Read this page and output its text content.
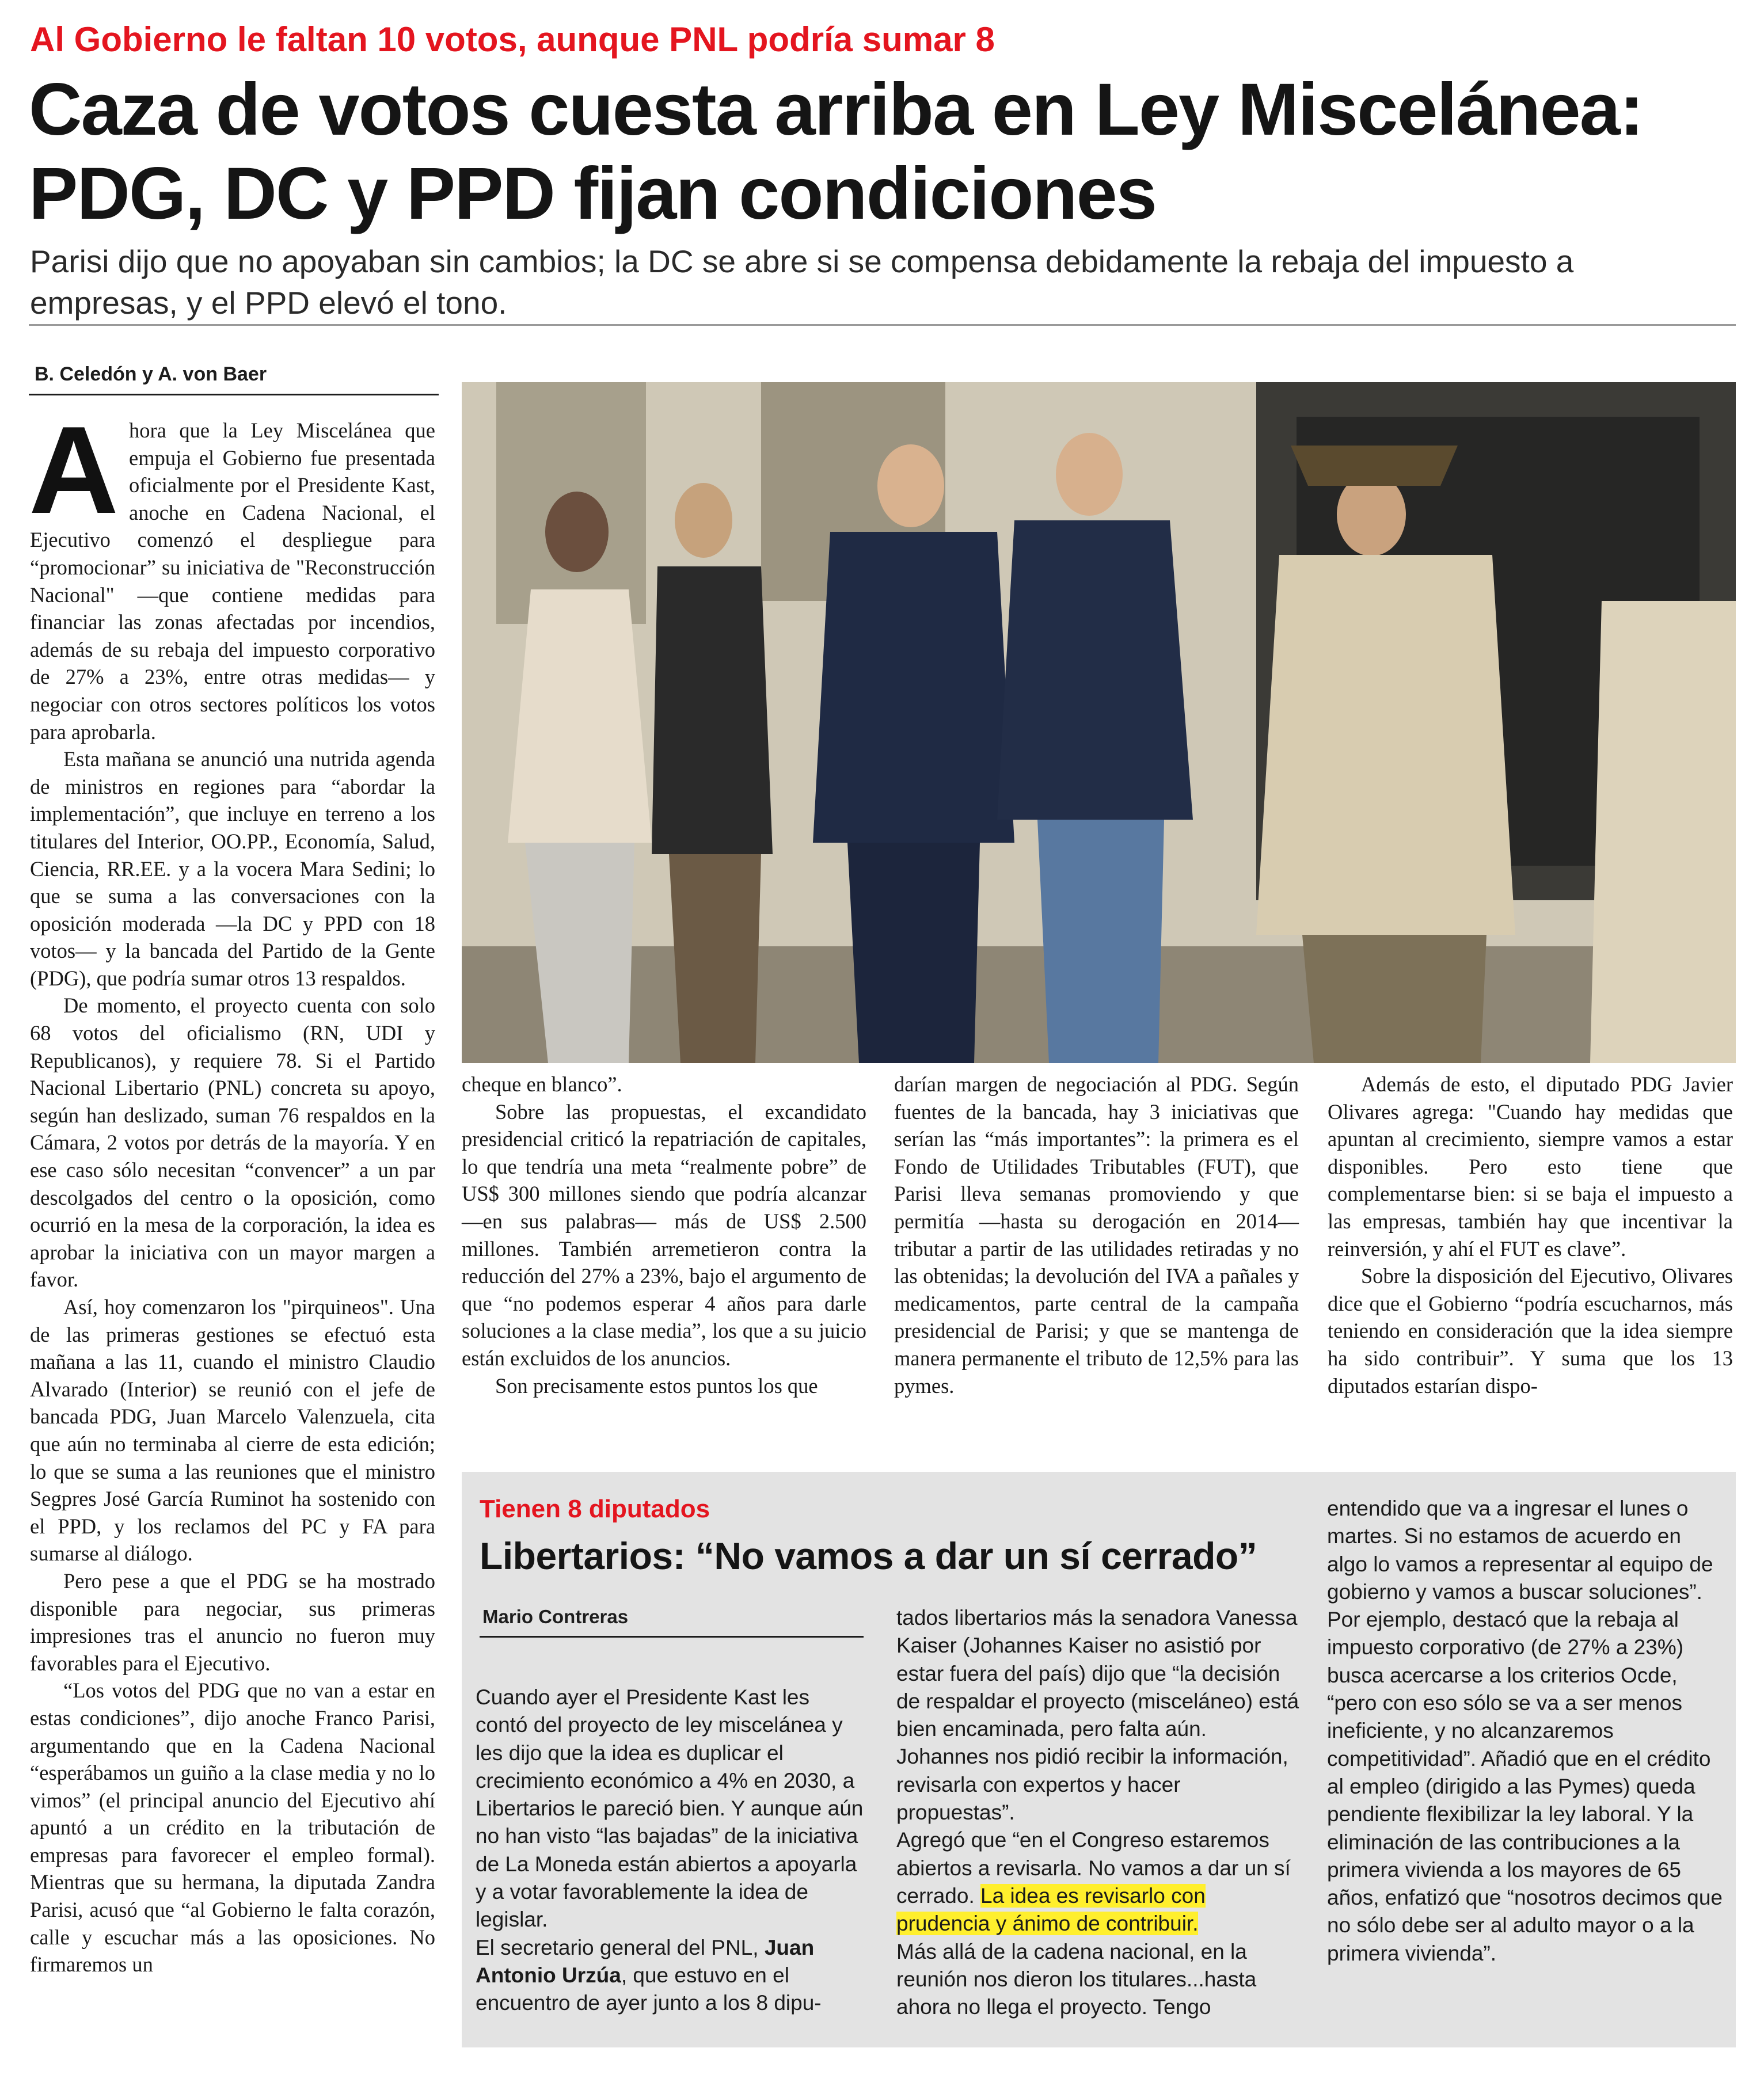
Al Gobierno le faltan 10 votos, aunque PNL podría sumar 8
Caza de votos cuesta arriba en Ley Miscelánea: PDG, DC y PPD fijan condiciones
Parisi dijo que no apoyaban sin cambios; la DC se abre si se compensa debidamente la rebaja del impuesto a empresas, y el PPD elevó el tono.
B. Celedón y A. von Baer

Ahora que la Ley Miscelánea que empuja el Gobierno fue presentada oficialmente por el Presidente Kast, anoche en Cadena Nacional, el Ejecutivo comenzó el despliegue para “promocionar” su iniciativa de "Reconstrucción Nacional" —que contiene medidas para financiar las zonas afectadas por incendios, además de su rebaja del impuesto corporativo de 27% a 23%, entre otras medidas— y negociar con otros sectores políticos los votos para aprobarla.

Esta mañana se anunció una nutrida agenda de ministros en regiones para “abordar la implementación”, que incluye en terreno a los titulares del Interior, OO.PP., Economía, Salud, Ciencia, RR.EE. y a la vocera Mara Sedini; lo que se suma a las conversaciones con la oposición moderada —la DC y PPD con 18 votos— y la bancada del Partido de la Gente (PDG), que podría sumar otros 13 respaldos.

De momento, el proyecto cuenta con solo 68 votos del oficialismo (RN, UDI y Republicanos), y requiere 78. Si el Partido Nacional Libertario (PNL) concreta su apoyo, según han deslizado, suman 76 respaldos en la Cámara, 2 votos por detrás de la mayoría. Y en ese caso sólo necesitan “convencer” a un par descolgados del centro o la oposición, como ocurrió en la mesa de la corporación, la idea es aprobar la iniciativa con un mayor margen a favor.

Así, hoy comenzaron los "pirquineos". Una de las primeras gestiones se efectuó esta mañana a las 11, cuando el ministro Claudio Alvarado (Interior) se reunió con el jefe de bancada PDG, Juan Marcelo Valenzuela, cita que aún no terminaba al cierre de esta edición; lo que se suma a las reuniones que el ministro Segpres José García Ruminot ha sostenido con el PPD, y los reclamos del PC y FA para sumarse al diálogo.

Pero pese a que el PDG se ha mostrado disponible para negociar, sus primeras impresiones tras el anuncio no fueron muy favorables para el Ejecutivo.

“Los votos del PDG que no van a estar en estas condiciones”, dijo anoche Franco Parisi, argumentando que en la Cadena Nacional “esperábamos un guiño a la clase media y no lo vimos” (el principal anuncio del Ejecutivo ahí apuntó a un crédito en la tributación de empresas para favorecer el empleo formal). Mientras que su hermana, la diputada Zandra Parisi, acusó que “al Gobierno le falta corazón, calle y escuchar más a las oposiciones. No firmaremos un

cheque en blanco”.

Sobre las propuestas, el excandidato presidencial criticó la repatriación de capitales, lo que tendría una meta “realmente pobre” de US$ 300 millones siendo que podría alcanzar —en sus palabras— más de US$ 2.500 millones. También arremetieron contra la reducción del 27% a 23%, bajo el argumento de que “no podemos esperar 4 años para darle soluciones a la clase media”, los que a su juicio están excluidos de los anuncios.

Son precisamente estos puntos los que

darían margen de negociación al PDG. Según fuentes de la bancada, hay 3 iniciativas que serían las “más importantes”: la primera es el Fondo de Utilidades Tributables (FUT), que Parisi lleva semanas promoviendo y que permitía —hasta su derogación en 2014— tributar a partir de las utilidades retiradas y no las obtenidas; la devolución del IVA a pañales y medicamentos, parte central de la campaña presidencial de Parisi; y que se mantenga de manera permanente el tributo de 12,5% para las pymes.

Además de esto, el diputado PDG Javier Olivares agrega: "Cuando hay medidas que apuntan al crecimiento, siempre vamos a estar disponibles. Pero esto tiene que complementarse bien: si se baja el impuesto a las empresas, también hay que incentivar la reinversión, y ahí el FUT es clave”.

Sobre la disposición del Ejecutivo, Olivares dice que el Gobierno “podría escucharnos, más teniendo en consideración que la idea siempre ha sido contribuir”. Y suma que los 13 diputados estarían dispo-

Tienen 8 diputados
Libertarios: “No vamos a dar un sí cerrado”
Mario Contreras

Cuando ayer el Presidente Kast les contó del proyecto de ley misceláneа y les dijo que la idea es duplicar el crecimiento económico a 4% en 2030, a Libertarios le pareció bien. Y aunque aún no han visto “las bajadas” de la iniciativa de La Moneda están abiertos a apoyarla y a votar favorablemente la idea de legislar.

El secretario general del PNL, Juan Antonio Urzúa, que estuvo en el encuentro de ayer junto a los 8 dipu-

tados libertarios más la senadora Vanessa Kaiser (Johannes Kaiser no asistió por estar fuera del país) dijo que “la decisión de respaldar el proyecto (misceláneo) está bien encaminada, pero falta aún. Johannes nos pidió recibir la información, revisarla con expertos y hacer propuestas”.

Agregó que “en el Congreso estaremos abiertos a revisarla. No vamos a dar un sí cerrado. La idea es revisarlo con prudencia y ánimo de contribuir.

Más allá de la cadena nacional, en la reunión nos dieron los titulares...hasta ahora no llega el proyecto. Tengo

entendido que va a ingresar el lunes o martes. Si no estamos de acuerdo en algo lo vamos a representar al equipo de gobierno y vamos a buscar soluciones”.

Por ejemplo, destacó que la rebaja al impuesto corporativo (de 27% a 23%) busca acercarse a los criterios Ocde, “pero con eso sólo se va a ser menos ineficiente, y no alcanzaremos competitividad”. Añadió que en el crédito al empleo (dirigido a las Pymes) queda pendiente flexibilizar la ley laboral. Y la eliminación de las contribuciones a la primera vivienda a los mayores de 65 años, enfatizó que “nosotros decimos que no sólo debe ser al adulto mayor o a la primera vivienda”.
